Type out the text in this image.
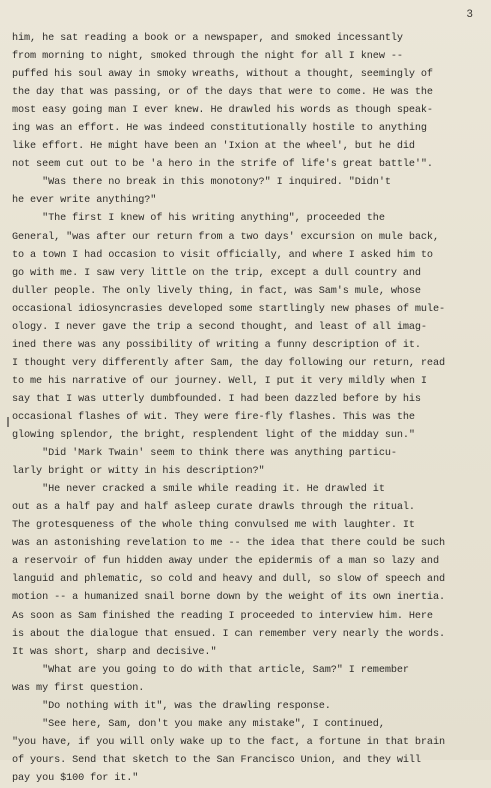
3
him, he sat reading a book or a newspaper, and smoked incessantly
from morning to night, smoked through the night for all I knew --
puffed his soul away in smoky wreaths, without a thought, seemingly of
the day that was passing, or of the days that were to come. He was the
most easy going man I ever knew. He drawled his words as though speak-
ing was an effort. He was indeed constitutionally hostile to anything
like effort. He might have been an 'Ixion at the wheel', but he did
not seem cut out to be 'a hero in the strife of life's great battle'".
"Was there no break in this monotony?" I inquired. "Didn't
he ever write anything?"
"The first I knew of his writing anything", proceeded the
General, "was after our return from a two days' excursion on mule back,
to a town I had occasion to visit officially, and where I asked him to
go with me. I saw very little on the trip, except a dull country and
duller people. The only lively thing, in fact, was Sam's mule, whose
occasional idiosyncrasies developed some startlingly new phases of mule-
ology. I never gave the trip a second thought, and least of all imag-
ined there was any possibility of writing a funny description of it.
I thought very differently after Sam, the day following our return, read
to me his narrative of our journey. Well, I put it very mildly when I
say that I was utterly dumbfounded. I had been dazzled before by his
occasional flashes of wit. They were fire-fly flashes. This was the
glowing splendor, the bright, resplendent light of the midday sun."
"Did 'Mark Twain' seem to think there was anything particu-
larly bright or witty in his description?"
"He never cracked a smile while reading it. He drawled it
out as a half pay and half asleep curate drawls through the ritual.
The grotesqueness of the whole thing convulsed me with laughter. It
was an astonishing revelation to me -- the idea that there could be such
a reservoir of fun hidden away under the epidermis of a man so lazy and
languid and phlematic, so cold and heavy and dull, so slow of speech and
motion -- a humanized snail borne down by the weight of its own inertia.
As soon as Sam finished the reading I proceeded to interview him. Here
is about the dialogue that ensued. I can remember very nearly the words.
It was short, sharp and decisive."
"What are you going to do with that article, Sam?" I remember
was my first question.
"Do nothing with it", was the drawling response.
"See here, Sam, don't you make any mistake", I continued,
"you have, if you will only wake up to the fact, a fortune in that brain
of yours. Send that sketch to the San Francisco Union, and they will
pay you $100 for it."
